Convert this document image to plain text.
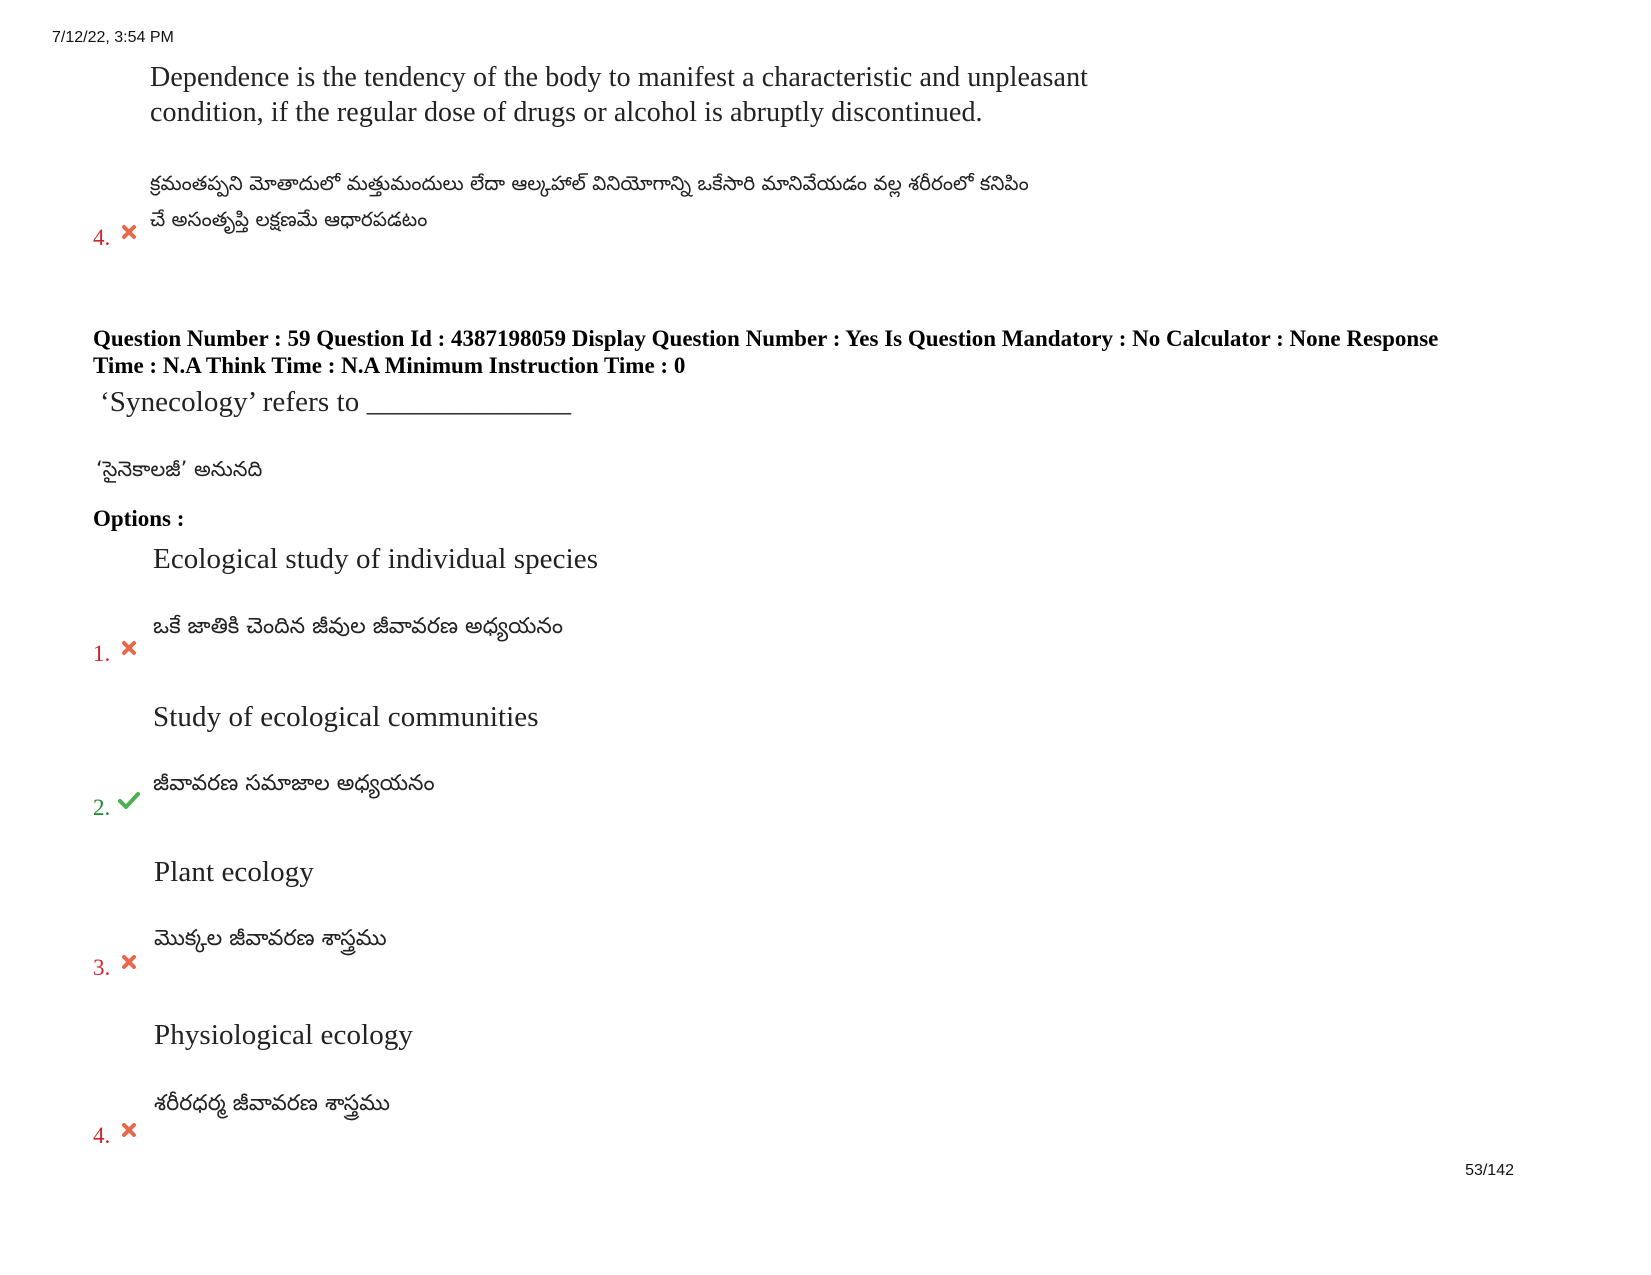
7/12/22, 3:54 PM
Dependence is the tendency of the body to manifest a characteristic and unpleasant
condition, if the regular dose of drugs or alcohol is abruptly discontinued.
క్రమంతప్పని మోతాదులో మత్తుమందులు లేదా ఆల్కహాల్ వినియోగాన్ని ఒకేసారి మానివేయడం వల్ల శరీరంలో కనిపిం
చే అసంతృప్తి లక్షణమే ఆధారపడటం
4.
Question Number : 59 Question Id : 4387198059 Display Question Number : Yes Is Question Mandatory : No Calculator : None Response
Time : N.A Think Time : N.A Minimum Instruction Time : 0
‘Synecology’ refers to ______________
‘సైనెకాలజీ’ అనునది
Options :
Ecological study of individual species
ఒకే జాతికి చెందిన జీవుల జీవావరణ అధ్యయనం
1.
Study of ecological communities
జీవావరణ సమాజాల అధ్యయనం
2.
Plant ecology
మొక్కల జీవావరణ శాస్త్రము
3.
Physiological ecology
శరీరధర్మ జీవావరణ శాస్త్రము
4.
53/142
